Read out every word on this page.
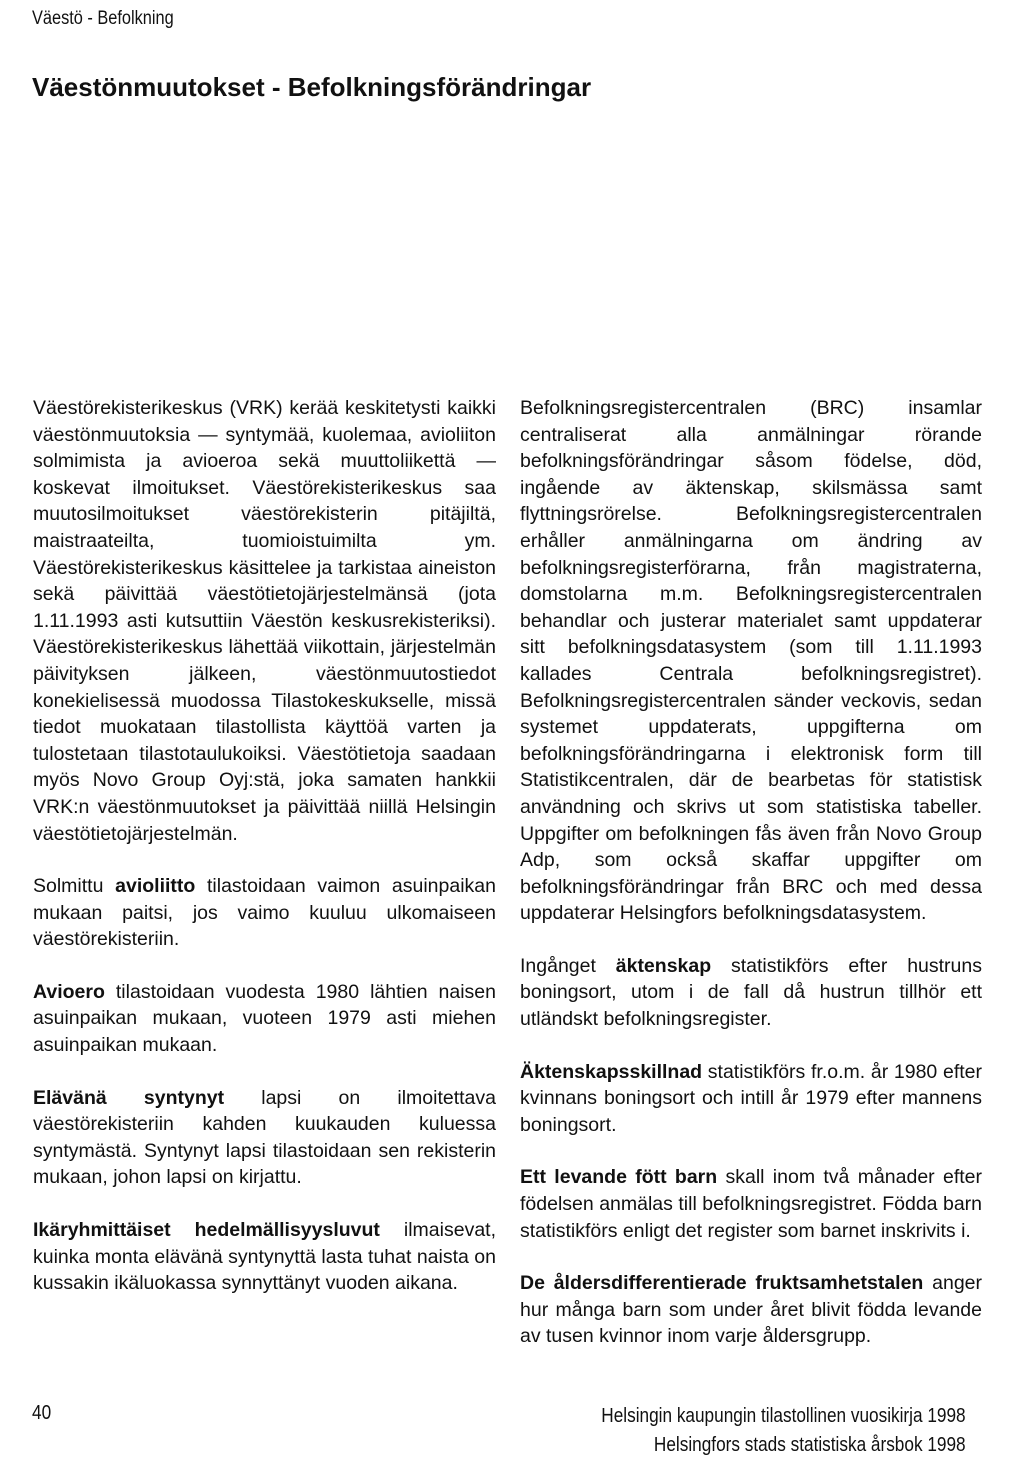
Väestö - Befolkning
Väestönmuutokset - Befolkningsförändringar

Väestörekisterikeskus (VRK) kerää keskitetysti kaikki väestönmuutoksia — syntymää, kuolemaa, avioliiton solmimista ja avioeroa sekä muuttoliikettä — koskevat ilmoitukset. Väestörekisterikeskus saa muutosilmoitukset väestörekisterin pitäjiltä, maistraateilta, tuomioistuimilta ym. Väestörekisterikeskus käsittelee ja tarkistaa aineiston sekä päivittää väestötietojärjestelmänsä (jota 1.11.1993 asti kutsuttiin Väestön keskusrekisteriksi). Väestörekisterikeskus lähettää viikottain, järjestelmän päivityksen jälkeen, väestönmuutostiedot konekielisessä muodossa Tilastokeskukselle, missä tiedot muokataan tilastollista käyttöä varten ja tulostetaan tilastotaulukoiksi. Väestötietoja saadaan myös Novo Group Oyj:stä, joka samaten hankkii VRK:n väestönmuutokset ja päivittää niillä Helsingin väestötietojärjestelmän.

Solmittu avioliitto tilastoidaan vaimon asuinpaikan mukaan paitsi, jos vaimo kuuluu ulkomaiseen väestörekisteriin.

Avioero tilastoidaan vuodesta 1980 lähtien naisen asuinpaikan mukaan, vuoteen 1979 asti miehen asuinpaikan mukaan.

Elävänä syntynyt lapsi on ilmoitettava väestörekisteriin kahden kuukauden kuluessa syntymästä. Syntynyt lapsi tilastoidaan sen rekisterin mukaan, johon lapsi on kirjattu.

Ikäryhmittäiset hedelmällisyysluvut ilmaisevat, kuinka monta elävänä syntynyttä lasta tuhat naista on kussakin ikäluokassa synnyttänyt vuoden aikana.

Befolkningsregistercentralen (BRC) insamlar centraliserat alla anmälningar rörande befolkningsförändringar såsom födelse, död, ingående av äktenskap, skilsmässa samt flyttningsrörelse. Befolkningsregistercentralen erhåller anmälningarna om ändring av befolkningsregisterförarna, från magistraterna, domstolarna m.m. Befolkningsregistercentralen behandlar och justerar materialet samt uppdaterar sitt befolkningsdatasystem (som till 1.11.1993 kallades Centrala befolkningsregistret). Befolkningsregistercentralen sänder veckovis, sedan systemet uppdaterats, uppgifterna om befolkningsförändringarna i elektronisk form till Statistikcentralen, där de bearbetas för statistisk användning och skrivs ut som statistiska tabeller. Uppgifter om befolkningen fås även från Novo Group Adp, som också skaffar uppgifter om befolkningsförändringar från BRC och med dessa uppdaterar Helsingfors befolkningsdatasystem.

Ingånget äktenskap statistikförs efter hustruns boningsort, utom i de fall då hustrun tillhör ett utländskt befolkningsregister.

Äktenskapsskillnad statistikförs fr.o.m. år 1980 efter kvinnans boningsort och intill år 1979 efter mannens boningsort.

Ett levande fött barn skall inom två månader efter födelsen anmälas till befolkningsregistret. Födda barn statistikförs enligt det register som barnet inskrivits i.

De åldersdifferentierade fruktsamhetstalen anger hur många barn som under året blivit födda levande av tusen kvinnor inom varje åldersgrupp.

40	Helsingin kaupungin tilastollinen vuosikirja 1998
Helsingfors stads statistiska årsbok 1998
